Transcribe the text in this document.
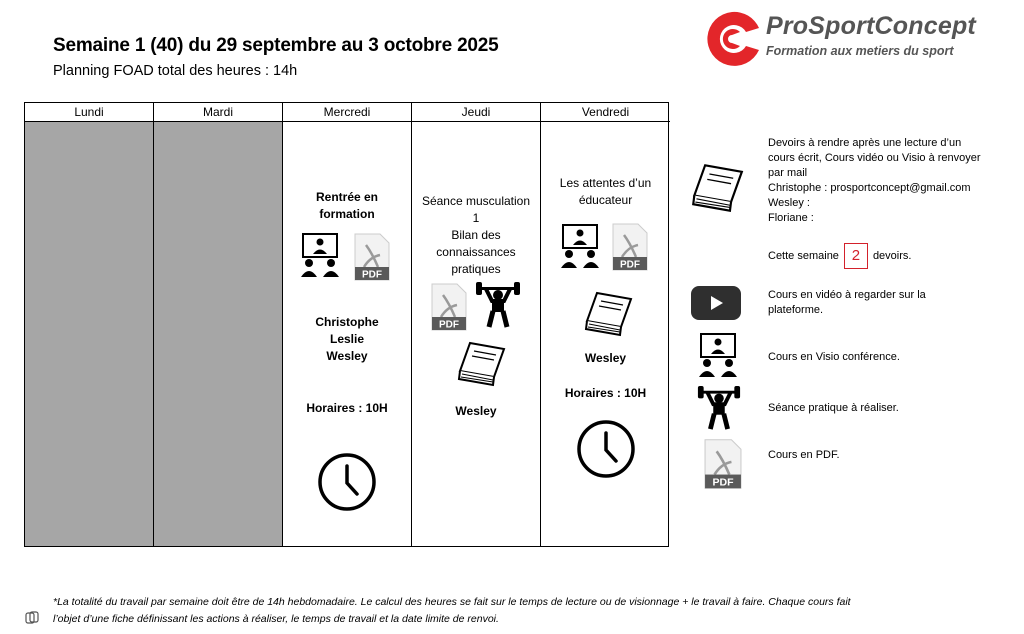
Semaine 1 (40) du 29 septembre au 3 octobre 2025
Planning FOAD total des heures : 14h
ProSportConcept
Formation aux metiers du sport
Lundi	Mardi	Mercredi
Rentrée en
formation
PDF
Christophe
Leslie
Wesley
Horaires : 10H
Jeudi
Séance musculation
1
Bilan des
connaissances
pratiques
PDF
Wesley
Vendredi
Les attentes d’un
éducateur
PDF
Wesley
Horaires : 10H
Devoirs à rendre après une lecture d’un
cours écrit, Cours vidéo ou Visio à renvoyer
par mail
Christophe : prosportconcept@gmail.com
Wesley :
Floriane :
Cette semaine 2 devoirs.
Cours en vidéo à regarder sur la
plateforme.
Cours en Visio conférence.
Séance pratique à réaliser.
PDF
Cours en PDF.
*La totalité du travail par semaine doit être de 14h hebdomadaire. Le calcul des heures se fait sur le temps de lecture ou de visionnage + le travail à faire. Chaque cours fait
l’objet d’une fiche définissant les actions à réaliser, le temps de travail et la date limite de renvoi.
